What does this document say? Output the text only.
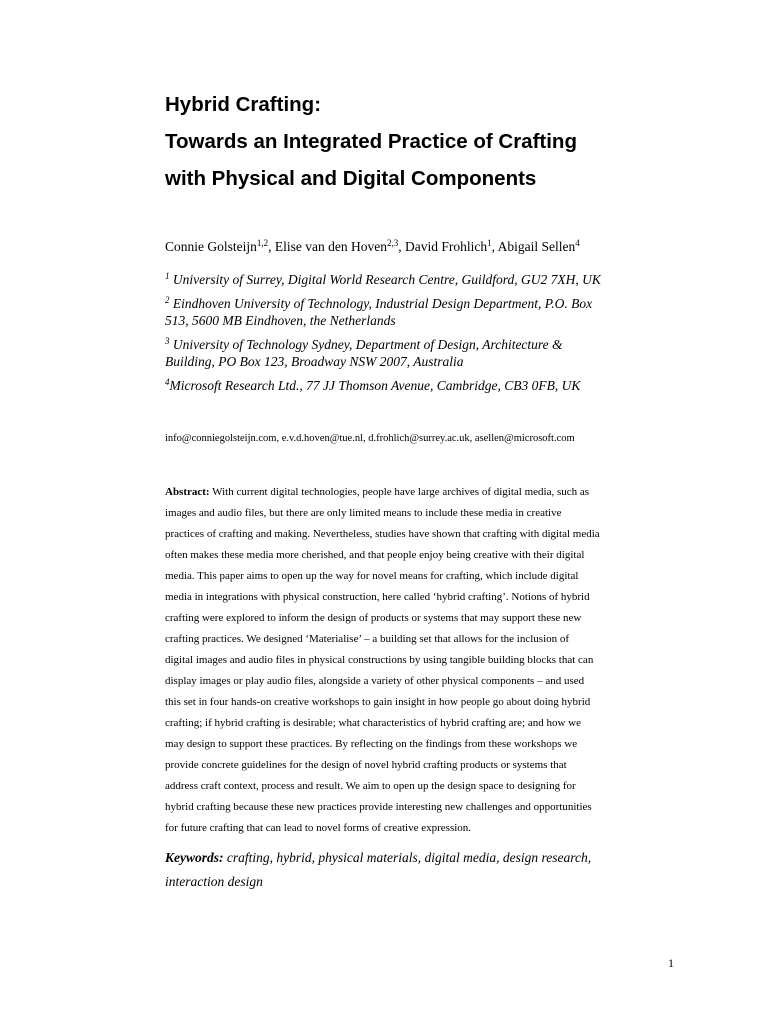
Hybrid Crafting:
Towards an Integrated Practice of Crafting
with Physical and Digital Components
Connie Golsteijn$^{1,2}$, Elise van den Hoven$^{2,3}$, David Frohlich$^1$, Abigail Sellen$^4$
$^1$ University of Surrey, Digital World Research Centre, Guildford, GU2 7XH, UK
$^2$ Eindhoven University of Technology, Industrial Design Department, P.O. Box
513, 5600 MB Eindhoven, the Netherlands
$^3$ University of Technology Sydney, Department of Design, Architecture &
Building, PO Box 123, Broadway NSW 2007, Australia
$^4$Microsoft Research Ltd., 77 JJ Thomson Avenue, Cambridge, CB3 0FB, UK
info@conniegolsteijn.com, e.v.d.hoven@tue.nl, d.frohlich@surrey.ac.uk, asellen@microsoft.com
Abstract: With current digital technologies, people have large archives of digital media, such as
images and audio files, but there are only limited means to include these media in creative
practices of crafting and making. Nevertheless, studies have shown that crafting with digital media
often makes these media more cherished, and that people enjoy being creative with their digital
media. This paper aims to open up the way for novel means for crafting, which include digital
media in integrations with physical construction, here called ‘hybrid crafting’. Notions of hybrid
crafting were explored to inform the design of products or systems that may support these new
crafting practices. We designed ‘Materialise’ – a building set that allows for the inclusion of
digital images and audio files in physical constructions by using tangible building blocks that can
display images or play audio files, alongside a variety of other physical components – and used
this set in four hands-on creative workshops to gain insight in how people go about doing hybrid
crafting; if hybrid crafting is desirable; what characteristics of hybrid crafting are; and how we
may design to support these practices. By reflecting on the findings from these workshops we
provide concrete guidelines for the design of novel hybrid crafting products or systems that
address craft context, process and result. We aim to open up the design space to designing for
hybrid crafting because these new practices provide interesting new challenges and opportunities
for future crafting that can lead to novel forms of creative expression.
Keywords: crafting, hybrid, physical materials, digital media, design research,
interaction design
1
